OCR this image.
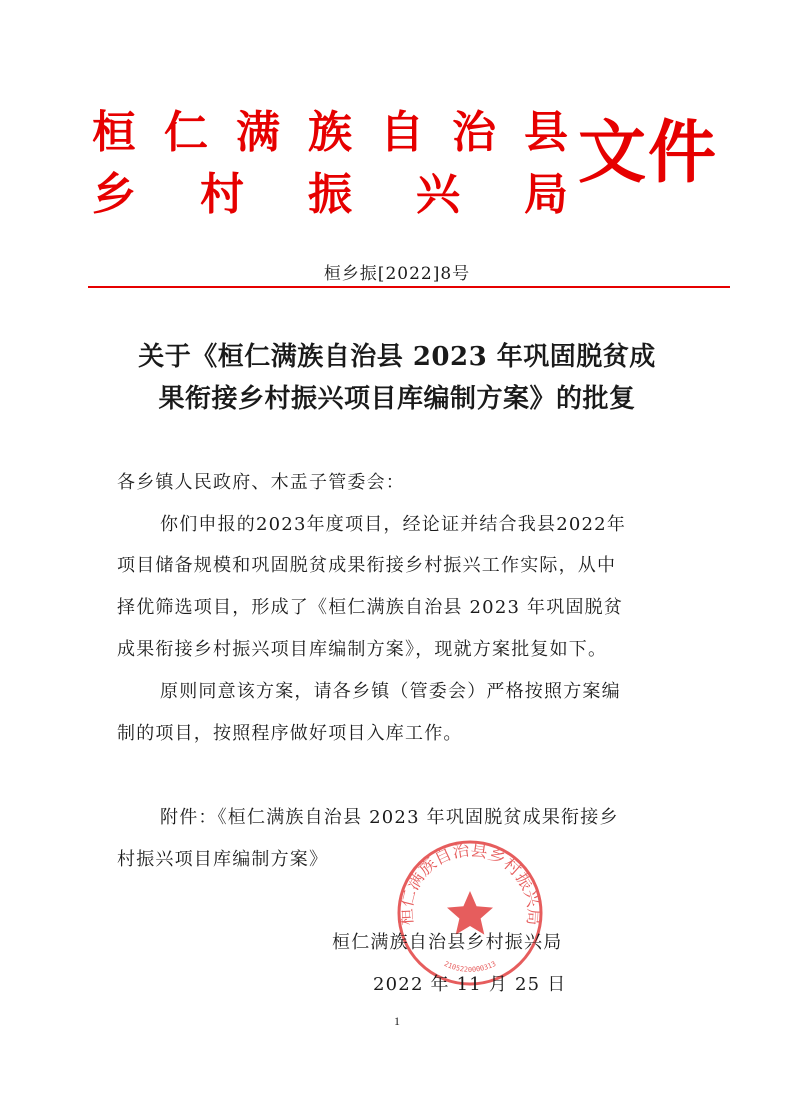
桓 仁 满 族 自 治 县
乡 村 振 兴 局
文件
桓乡振[2022]8号
关于《桓仁满族自治县 2023 年巩固脱贫成
果衔接乡村振兴项目库编制方案》的批复
各乡镇人民政府、木盂子管委会：
你们申报的2023年度项目，经论证并结合我县2022年
项目储备规模和巩固脱贫成果衔接乡村振兴工作实际，从中
择优筛选项目，形成了《桓仁满族自治县 2023 年巩固脱贫
成果衔接乡村振兴项目库编制方案》，现就方案批复如下。
原则同意该方案，请各乡镇（管委会）严格按照方案编
制的项目，按照程序做好项目入库工作。
附件：《桓仁满族自治县 2023 年巩固脱贫成果衔接乡
村振兴项目库编制方案》
桓仁满族自治县乡村振兴局
2105220000313
桓仁满族自治县乡村振兴局
2022 年 11 月 25 日
1
